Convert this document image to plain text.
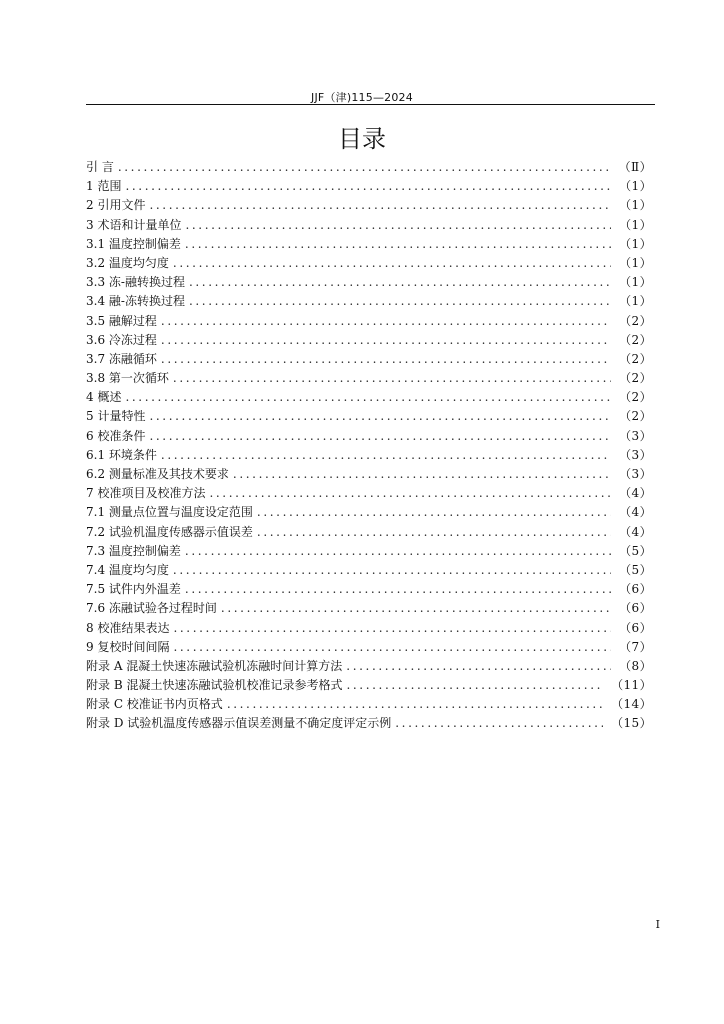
JJF（津)115—2024
目录
引 言 .....	（Ⅱ）
1 范围 .....	（1）
2 引用文件 .....	（1）
3 术语和计量单位 .....	（1）
3.1 温度控制偏差 .....	（1）
3.2 温度均匀度 .....	（1）
3.3 冻-融转换过程 .....	（1）
3.4 融-冻转换过程 .....	（1）
3.5 融解过程 .....	（2）
3.6 冷冻过程 .....	（2）
3.7 冻融循环 .....	（2）
3.8 第一次循环 .....	（2）
4 概述 .....	（2）
5 计量特性 .....	（2）
6 校准条件 .....	（3）
6.1 环境条件 .....	（3）
6.2 测量标准及其技术要求 .....	（3）
7 校准项目及校准方法 .....	（4）
7.1 测量点位置与温度设定范围 .....	（4）
7.2 试验机温度传感器示值误差 .....	（4）
7.3 温度控制偏差 .....	（5）
7.4 温度均匀度 .....	（5）
7.5 试件内外温差 .....	（6）
7.6 冻融试验各过程时间 .....	（6）
8 校准结果表达 .....	（6）
9 复校时间间隔 .....	（7）
附录 A 混凝土快速冻融试验机冻融时间计算方法 .....	（8）
附录 B 混凝土快速冻融试验机校准记录参考格式 .....	（11）
附录 C 校准证书内页格式 .....	（14）
附录 D 试验机温度传感器示值误差测量不确定度评定示例 .....	（15）
I
